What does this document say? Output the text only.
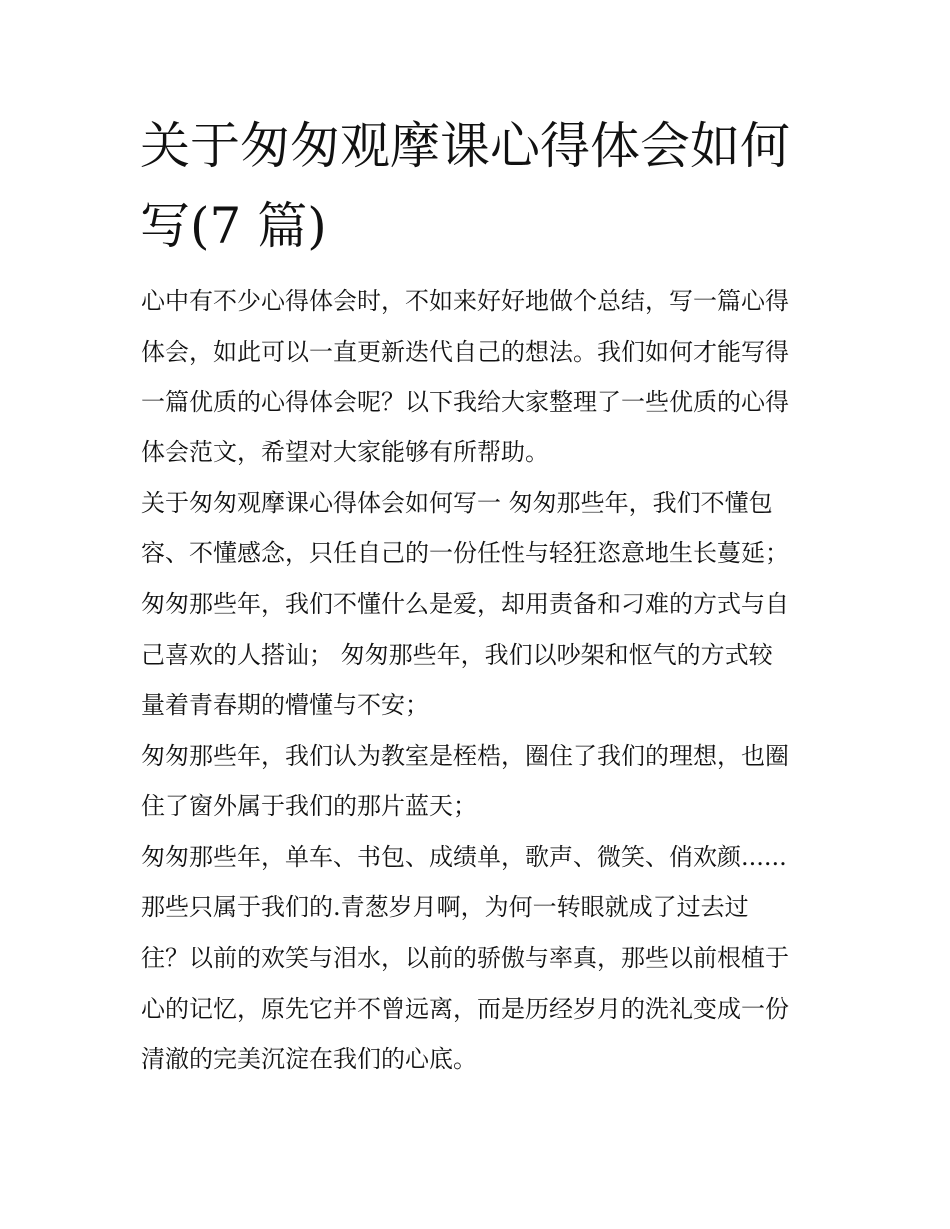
关于匆匆观摩课心得体会如何
写(7 篇)

心中有不少心得体会时，不如来好好地做个总结，写一篇心得

体会，如此可以一直更新迭代自己的想法。我们如何才能写得

一篇优质的心得体会呢？以下我给大家整理了一些优质的心得

体会范文，希望对大家能够有所帮助。

关于匆匆观摩课心得体会如何写一 匆匆那些年，我们不懂包

容、不懂感念，只任自己的一份任性与轻狂恣意地生长蔓延；

匆匆那些年，我们不懂什么是爱，却用责备和刁难的方式与自

己喜欢的人搭讪； 匆匆那些年，我们以吵架和怄气的方式较

量着青春期的懵懂与不安；

匆匆那些年，我们认为教室是桎梏，圈住了我们的理想，也圈

住了窗外属于我们的那片蓝天；

匆匆那些年，单车、书包、成绩单，歌声、微笑、俏欢颜......

那些只属于我们的.青葱岁月啊，为何一转眼就成了过去过

往？以前的欢笑与泪水，以前的骄傲与率真，那些以前根植于

心的记忆，原先它并不曾远离，而是历经岁月的洗礼变成一份

清澈的完美沉淀在我们的心底。
